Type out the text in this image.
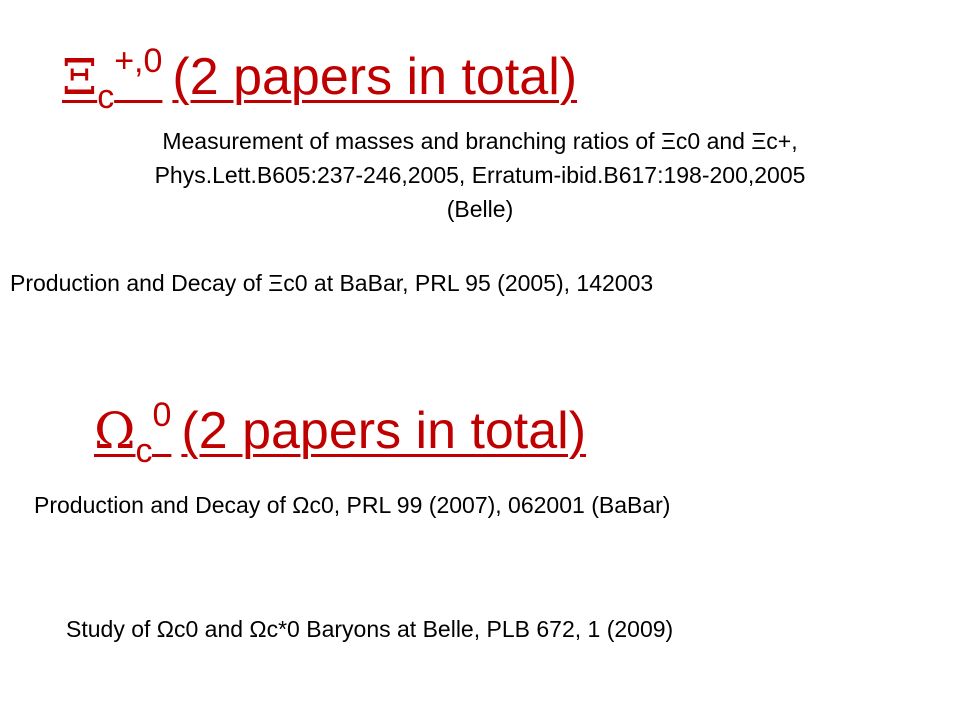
$\Xi_c^{+,0}$ (2 papers in total)
Measurement of masses and branching ratios of Ξc0 and Ξc+,
Phys.Lett.B605:237-246,2005, Erratum-ibid.B617:198-200,2005
(Belle)
Production and Decay of Ξc0 at BaBar, PRL 95 (2005), 142003
$\Omega_c^0$ (2 papers in total)
Production and Decay of Ωc0, PRL 99 (2007), 062001 (BaBar)
Study of Ωc0 and Ωc*0 Baryons at Belle, PLB 672, 1 (2009)
